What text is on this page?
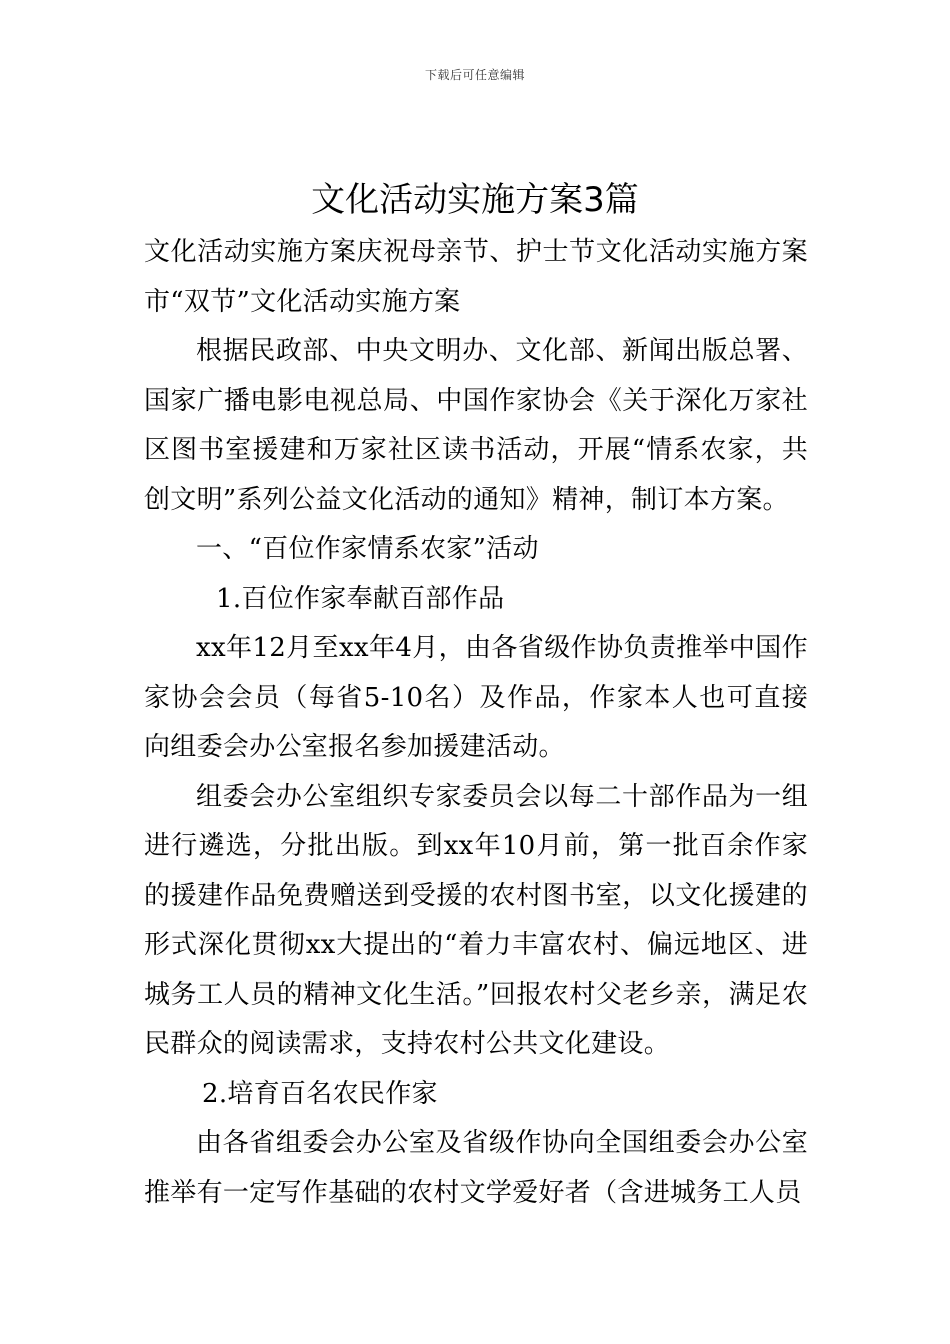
下载后可任意编辑
文化活动实施方案3篇

文化活动实施方案庆祝母亲节、护士节文化活动实施方案市“双节”文化活动实施方案

根据民政部、中央文明办、文化部、新闻出版总署、国家广播电影电视总局、中国作家协会《关于深化万家社区图书室援建和万家社区读书活动，开展“情系农家，共创文明”系列公益文化活动的通知》精神，制订本方案。

一、“百位作家情系农家”活动

1.百位作家奉献百部作品

xx年12月至xx年4月，由各省级作协负责推举中国作家协会会员（每省5-10名）及作品，作家本人也可直接向组委会办公室报名参加援建活动。

组委会办公室组织专家委员会以每二十部作品为一组进行遴选，分批出版。到xx年10月前，第一批百余作家的援建作品免费赠送到受援的农村图书室，以文化援建的形式深化贯彻xx大提出的“着力丰富农村、偏远地区、进城务工人员的精神文化生活。”回报农村父老乡亲，满足农民群众的阅读需求，支持农村公共文化建设。

2.培育百名农民作家

由各省组委会办公室及省级作协向全国组委会办公室推举有一定写作基础的农村文学爱好者（含进城务工人员
